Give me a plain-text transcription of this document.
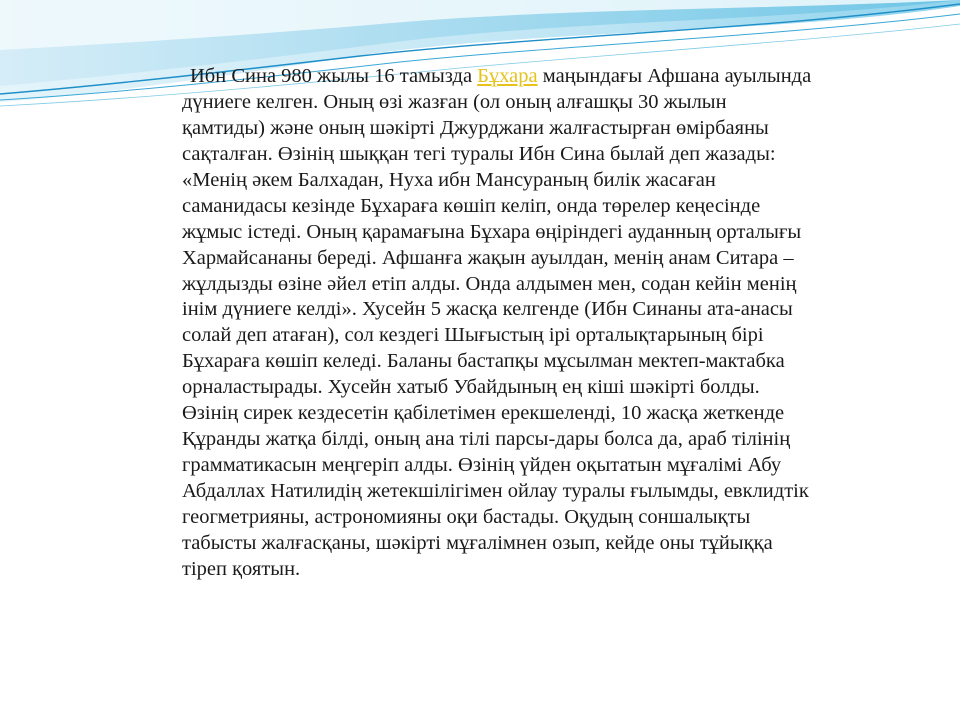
Ибн Сина 980 жылы 16 тамызда Бұхара маңындағы Афшана ауылында
дүниеге келген. Оның өзі жазған (ол оның алғашқы 30 жылын
қамтиды) және оның шәкірті Джурджани жалғастырған өмірбаяны
сақталған. Өзінің шыққан тегі туралы Ибн Сина былай деп жазады:
«Менің әкем Балхадан, Нуха ибн Мансураның билік жасаған
саманидасы кезінде Бұхараға көшіп келіп, онда төрелер кеңесінде
жұмыс істеді. Оның қарамағына Бұхара өңіріндегі ауданның орталығы
Хармайсананы береді. Афшанға жақын ауылдан, менің анам Ситара –
жұлдызды өзіне әйел етіп алды. Онда алдымен мен, содан кейін менің
інім дүниеге келді». Хусейн 5 жасқа келгенде (Ибн Синаны ата-анасы
солай деп атаған), сол кездегі Шығыстың ірі орталықтарының бірі
Бұхараға көшіп келеді. Баланы бастапқы мұсылман мектеп-мактабка
орналастырады. Хусейн хатыб Убайдының ең кіші шәкірті болды.
Өзінің сирек кездесетін қабілетімен ерекшеленді, 10 жасқа жеткенде
Құранды жатқа білді, оның ана тілі парсы-дары болса да, араб тілінің
грамматикасын меңгеріп алды. Өзінің үйден оқытатын мұғалімі Абу
Абдаллах Натилидің жетекшілігімен ойлау туралы ғылымды, евклидтік
геогметрияны, астрономияны оқи бастады. Оқудың соншалықты
табысты жалғасқаны, шәкірті мұғалімнен озып, кейде оны тұйыққа
тіреп қоятын.
